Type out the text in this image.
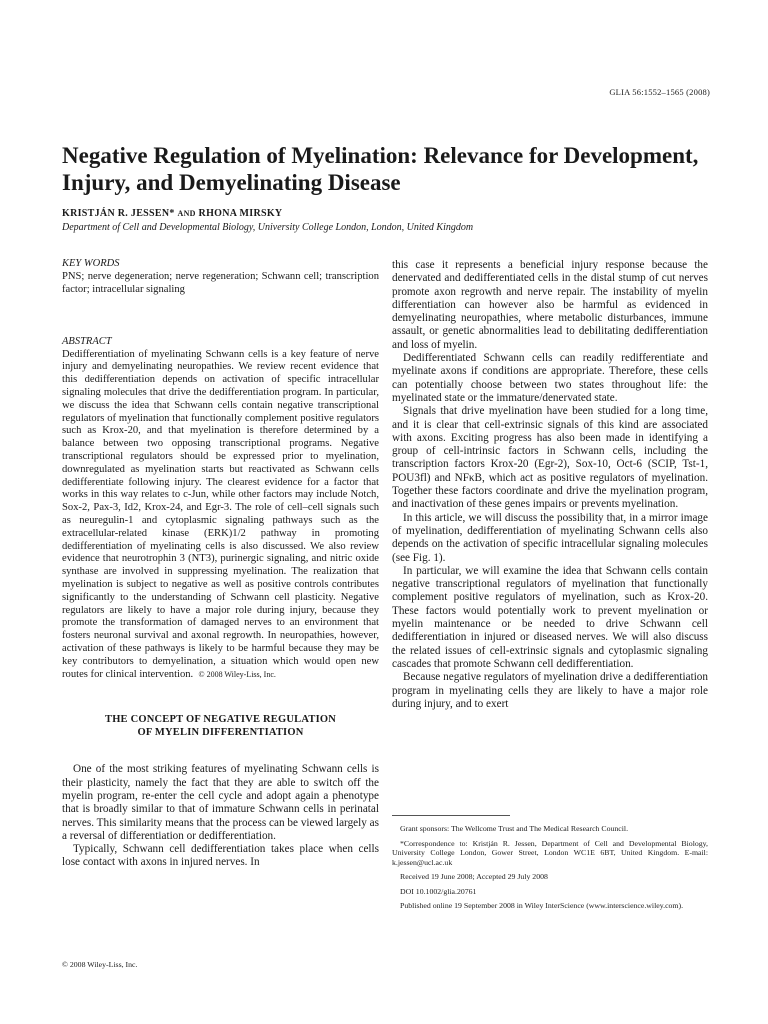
GLIA 56:1552–1565 (2008)
Negative Regulation of Myelination: Relevance for Development, Injury, and Demyelinating Disease
KRISTJÁN R. JESSEN* AND RHONA MIRSKY
Department of Cell and Developmental Biology, University College London, London, United Kingdom
KEY WORDS
PNS; nerve degeneration; nerve regeneration; Schwann cell; transcription factor; intracellular signaling
ABSTRACT
Dedifferentiation of myelinating Schwann cells is a key feature of nerve injury and demyelinating neuropathies. We review recent evidence that this dedifferentiation depends on activation of specific intracellular signaling molecules that drive the dedifferentiation program. In particular, we discuss the idea that Schwann cells contain negative transcriptional regulators of myelination that functionally complement positive regulators such as Krox-20, and that myelination is therefore determined by a balance between two opposing transcriptional programs. Negative transcriptional regulators should be expressed prior to myelination, downregulated as myelination starts but reactivated as Schwann cells dedifferentiate following injury. The clearest evidence for a factor that works in this way relates to c-Jun, while other factors may include Notch, Sox-2, Pax-3, Id2, Krox-24, and Egr-3. The role of cell–cell signals such as neuregulin-1 and cytoplasmic signaling pathways such as the extracellular-related kinase (ERK)1/2 pathway in promoting dedifferentiation of myelinating cells is also discussed. We also review evidence that neurotrophin 3 (NT3), purinergic signaling, and nitric oxide synthase are involved in suppressing myelination. The realization that myelination is subject to negative as well as positive controls contributes significantly to the understanding of Schwann cell plasticity. Negative regulators are likely to have a major role during injury, because they promote the transformation of damaged nerves to an environment that fosters neuronal survival and axonal regrowth. In neuropathies, however, activation of these pathways is likely to be harmful because they may be key contributors to demyelination, a situation which would open new routes for clinical intervention. © 2008 Wiley-Liss, Inc.
THE CONCEPT OF NEGATIVE REGULATION
OF MYELIN DIFFERENTIATION

One of the most striking features of myelinating Schwann cells is their plasticity, namely the fact that they are able to switch off the myelin program, re-enter the cell cycle and adopt again a phenotype that is broadly similar to that of immature Schwann cells in perinatal nerves. This similarity means that the process can be viewed largely as a reversal of differentiation or dedifferentiation.

Typically, Schwann cell dedifferentiation takes place when cells lose contact with axons in injured nerves. In

this case it represents a beneficial injury response because the denervated and dedifferentiated cells in the distal stump of cut nerves promote axon regrowth and nerve repair. The instability of myelin differentiation can however also be harmful as evidenced in demyelinating neuropathies, where metabolic disturbances, immune assault, or genetic abnormalities lead to debilitating dedifferentiation and loss of myelin.

Dedifferentiated Schwann cells can readily redifferentiate and myelinate axons if conditions are appropriate. Therefore, these cells can potentially choose between two states throughout life: the myelinated state or the immature/denervated state.

Signals that drive myelination have been studied for a long time, and it is clear that cell-extrinsic signals of this kind are associated with axons. Exciting progress has also been made in identifying a group of cell-intrinsic factors in Schwann cells, including the transcription factors Krox-20 (Egr-2), Sox-10, Oct-6 (SCIP, Tst-1, POU3fl) and NFκB, which act as positive regulators of myelination. Together these factors coordinate and drive the myelination program, and inactivation of these genes impairs or prevents myelination.

In this article, we will discuss the possibility that, in a mirror image of myelination, dedifferentiation of myelinating Schwann cells also depends on the activation of specific intracellular signaling molecules (see Fig. 1).

In particular, we will examine the idea that Schwann cells contain negative transcriptional regulators of myelination that functionally complement positive regulators of myelination, such as Krox-20. These factors would potentially work to prevent myelination or myelin maintenance or be needed to drive Schwann cell dedifferentiation in injured or diseased nerves. We will also discuss the related issues of cell-extrinsic signals and cytoplasmic signaling cascades that promote Schwann cell dedifferentiation.

Because negative regulators of myelination drive a dedifferentiation program in myelinating cells they are likely to have a major role during injury, and to exert

Grant sponsors: The Wellcome Trust and The Medical Research Council.

*Correspondence to: Kristján R. Jessen, Department of Cell and Developmental Biology, University College London, Gower Street, London WC1E 6BT, United Kingdom. E-mail: k.jessen@ucl.ac.uk

Received 19 June 2008; Accepted 29 July 2008

DOI 10.1002/glia.20761

Published online 19 September 2008 in Wiley InterScience (www.interscience.wiley.com).

© 2008 Wiley-Liss, Inc.
